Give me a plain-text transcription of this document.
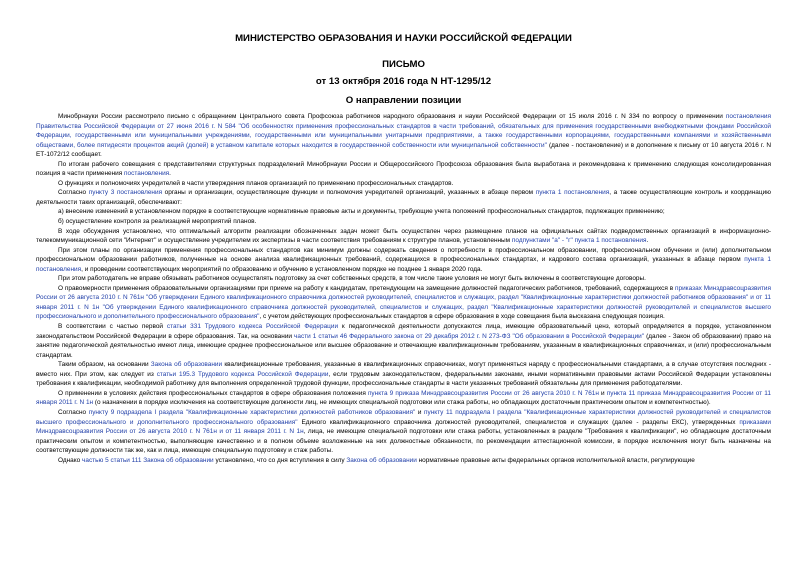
МИНИСТЕРСТВО ОБРАЗОВАНИЯ И НАУКИ РОССИЙСКОЙ ФЕДЕРАЦИИ
ПИСЬМО
от 13 октября 2016 года N НТ-1295/12
О направлении позиции

Минобрнауки России рассмотрело письмо с обращением Центрального совета Профсоюза работников народного образования и науки Российской Федерации от 15 июля 2016 г. N 334 по вопросу о применении постановления Правительства Российской Федерации от 27 июня 2016 г. N 584 "Об особенностях применения профессиональных стандартов в части требований, обязательных для применения государственными внебюджетными фондами Российской Федерации, государственными или муниципальными учреждениями, государственными или муниципальными унитарными предприятиями, а также государственными корпорациями, государственными компаниями и хозяйственными обществами, более пятидесяти процентов акций (долей) в уставном капитале которых находится в государственной собственности или муниципальной собственности" (далее - постановление) и в дополнение к письму от 10 августа 2016 г. N ЕТ-1072/12 сообщает.

По итогам рабочего совещания с представителями структурных подразделений Минобрнауки России и Общероссийского Профсоюза образования была выработана и рекомендована к применению следующая консолидированная позиция в части применения постановления.

О функциях и полномочиях учредителей в части утверждения планов организаций по применению профессиональных стандартов.

Согласно пункту 3 постановления органы и организации, осуществляющие функции и полномочия учредителей организаций, указанных в абзаце первом пункта 1 постановления, а также осуществляющие контроль и координацию деятельности таких организаций, обеспечивают:

а) внесение изменений в установленном порядке в соответствующие нормативные правовые акты и документы, требующие учета положений профессиональных стандартов, подлежащих применению;

б) осуществление контроля за реализацией мероприятий планов.

В ходе обсуждения установлено, что оптимальный алгоритм реализации обозначенных задач может быть осуществлен через размещение планов на официальных сайтах подведомственных организаций в информационно-телекоммуникационной сети "Интернет" и осуществление учредителем их экспертизы в части соответствия требованиям к структуре планов, установленным подпунктами "а" - "г" пункта 1 постановления.

При этом планы по организации применения профессиональных стандартов как минимум должны содержать сведения о потребности в профессиональном образовании, профессиональном обучении и (или) дополнительном профессиональном образовании работников, полученные на основе анализа квалификационных требований, содержащихся в профессиональных стандартах, и кадрового состава организаций, указанных в абзаце первом пункта 1 постановления, и проведении соответствующих мероприятий по образованию и обучению в установленном порядке не позднее 1 января 2020 года.

При этом работодатель не вправе обязывать работников осуществлять подготовку за счет собственных средств, в том числе такие условия не могут быть включены в соответствующие договоры.

О правомерности применения образовательными организациями при приеме на работу к кандидатам, претендующим на замещение должностей педагогических работников, требований, содержащихся в приказах Минздравсоцразвития России от 26 августа 2010 г. N 761н "Об утверждении Единого квалификационного справочника должностей руководителей, специалистов и служащих, раздел "Квалификационные характеристики должностей работников образования" и от 11 января 2011 г. N 1н "Об утверждении Единого квалификационного справочника должностей руководителей, специалистов и служащих, раздел "Квалификационные характеристики должностей руководителей и специалистов высшего профессионального и дополнительного профессионального образования", с учетом действующих профессиональных стандартов в сфере образования в ходе совещания была высказана следующая позиция.

В соответствии с частью первой статьи 331 Трудового кодекса Российской Федерации к педагогической деятельности допускаются лица, имеющие образовательный ценз, который определяется в порядке, установленном законодательством Российской Федерации в сфере образования. Так, на основании части 1 статьи 46 Федерального закона от 29 декабря 2012 г. N 273-ФЗ "Об образовании в Российской Федерации" (далее - Закон об образовании) право на занятие педагогической деятельностью имеют лица, имеющие среднее профессиональное или высшее образование и отвечающие квалификационным требованиям, указанным в квалификационных справочниках, и (или) профессиональным стандартам.

Таким образом, на основании Закона об образовании квалификационные требования, указанные в квалификационных справочниках, могут применяться наряду с профессиональными стандартами, а в случае отсутствия последних - вместо них. При этом, как следует из статьи 195.3 Трудового кодекса Российской Федерации, если трудовым законодательством, федеральными законами, иными нормативными правовыми актами Российской Федерации установлены требования к квалификации, необходимой работнику для выполнения определенной трудовой функции, профессиональные стандарты в части указанных требований обязательны для применения работодателями.

О применении в условиях действия профессиональных стандартов в сфере образования положения пункта 9 приказа Минздравсоцразвития России от 26 августа 2010 г. N 761н и пункта 11 приказа Минздравсоцразвития России от 11 января 2011 г. N 1н (о назначении в порядке исключения на соответствующие должности лиц, не имеющих специальной подготовки или стажа работы, но обладающих достаточным практическим опытом и компетентностью).

Согласно пункту 9 подраздела I раздела "Квалификационные характеристики должностей работников образования" и пункту 11 подраздела I раздела "Квалификационные характеристики должностей руководителей и специалистов высшего профессионального и дополнительного профессионального образования" Единого квалификационного справочника должностей руководителей, специалистов и служащих (далее - разделы ЕКС), утвержденных приказами Минздравсоцразвития России от 26 августа 2010 г. N 761н и от 11 января 2011 г. N 1н, лица, не имеющие специальной подготовки или стажа работы, установленных в разделе "Требования к квалификации", но обладающие достаточным практическим опытом и компетентностью, выполняющие качественно и в полном объеме возложенные на них должностные обязанности, по рекомендации аттестационной комиссии, в порядке исключения могут быть назначены на соответствующие должности так же, как и лица, имеющие специальную подготовку и стаж работы.

Однако частью 5 статьи 111 Закона об образовании установлено, что со дня вступления в силу Закона об образовании нормативные правовые акты федеральных органов исполнительной власти, регулирующие
